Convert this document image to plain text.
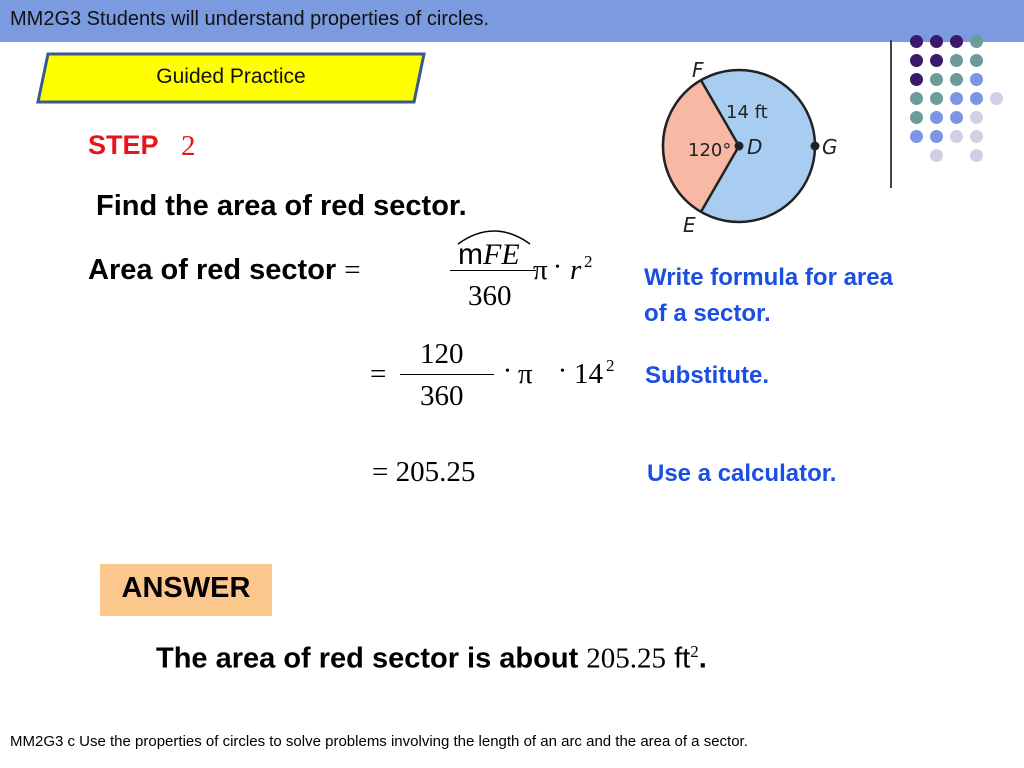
MM2G3 Students will understand properties of circles.
Guided Practice
STEP 2
Find the area of red sector.
Area of red sector =	mFE
360
π • r 2
Write formula for area
of a sector.
=
120
360
• π • 14 2 Substitute.
= 205.25	Use a calculator.
ANSWER
The area of red sector is about 205.25 $ft^2$.
MM2G3 c Use the properties of circles to solve problems involving the length of an arc and the area of a sector.
F
E
D	G
14 ft
120°
